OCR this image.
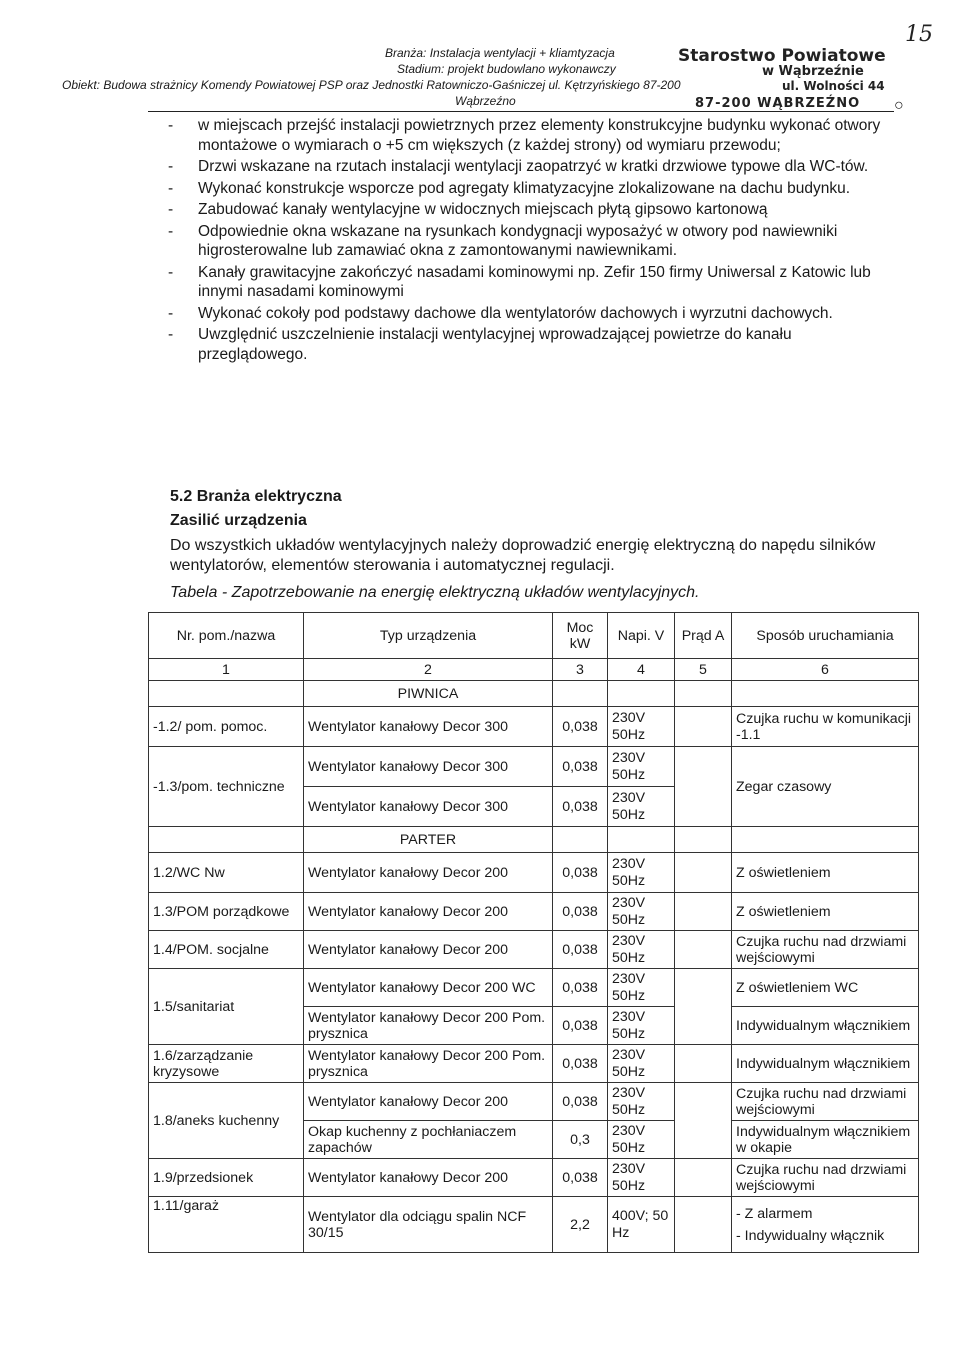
15
Branża: Instalacja wentylacji + kliamtyzacja
Stadium: projekt budowlano wykonawczy
Obiekt: Budowa strażnicy Komendy Powiatowej PSP oraz Jednostki Ratowniczo-Gaśniczej ul. Kętrzyńskiego 87-200
Wąbrzeźno
Starostwo Powiatowe
w Wąbrzeźnie
ul. Wolności 44
87-200 WĄBRZEŹNO ○
- w miejscach przejść instalacji powietrznych przez elementy konstrukcyjne budynku wykonać otwory montażowe o wymiarach o +5 cm większych (z każdej strony) od wymiaru przewodu;
- Drzwi wskazane na rzutach instalacji wentylacji zaopatrzyć w kratki drzwiowe typowe dla WC-tów.
- Wykonać konstrukcje wsporcze pod agregaty klimatyzacyjne zlokalizowane na dachu budynku.
- Zabudować kanały wentylacyjne w widocznych miejscach płytą gipsowo kartonową
- Odpowiednie okna wskazane na rysunkach kondygnacji wyposażyć w otwory pod nawiewniki higrosterowalne lub zamawiać okna z zamontowanymi nawiewnikami.
- Kanały grawitacyjne zakończyć nasadami kominowymi np. Zefir 150 firmy Uniwersal z Katowic lub innymi nasadami kominowymi
- Wykonać cokoły pod podstawy dachowe dla wentylatorów dachowych i wyrzutni dachowych.
- Uwzględnić uszczelnienie instalacji wentylacyjnej wprowadzającej powietrze do kanału przeglądowego.
5.2 Branża elektryczna
Zasilić urządzenia
Do wszystkich układów wentylacyjnych należy doprowadzić energię elektryczną do napędu silników wentylatorów, elementów sterowania i automatycznej regulacji.
Tabela - Zapotrzebowanie na energię elektryczną układów wentylacyjnych.
Nr. pom./nazwa	Typ urządzenia	Moc kW	Napi. V	Prąd A	Sposób uruchamiania
1	2	3	4	5	6
	PIWNICA				
-1.2/ pom. pomoc.	Wentylator kanałowy Decor 300	0,038	230V 50Hz		Czujka ruchu w komunikacji -1.1
-1.3/pom. techniczne	Wentylator kanałowy Decor 300	0,038	230V 50Hz		Zegar czasowy
	Wentylator kanałowy Decor 300	0,038	230V 50Hz		
	PARTER				
1.2/WC Nw	Wentylator kanałowy Decor 200	0,038	230V 50Hz		Z oświetleniem
1.3/POM porządkowe	Wentylator kanałowy Decor 200	0,038	230V 50Hz		Z oświetleniem
1.4/POM. socjalne	Wentylator kanałowy Decor 200	0,038	230V 50Hz		Czujka ruchu nad drzwiami wejściowymi
1.5/sanitariat	Wentylator kanałowy Decor 200 WC	0,038	230V 50Hz		Z oświetleniem WC
	Wentylator kanałowy Decor 200 Pom. prysznica	0,038	230V 50Hz		Indywidualnym włącznikiem
1.6/zarządzanie kryzysowe	Wentylator kanałowy Decor 200 Pom. prysznica	0,038	230V 50Hz		Indywidualnym włącznikiem
1.8/aneks kuchenny	Wentylator kanałowy Decor 200	0,038	230V 50Hz		Czujka ruchu nad drzwiami wejściowymi
	Okap kuchenny z pochłaniaczem zapachów	0,3	230V 50Hz		Indywidualnym włącznikiem w okapie
1.9/przedsionek	Wentylator kanałowy Decor 200	0,038	230V 50Hz		Czujka ruchu nad drzwiami wejściowymi
1.11/garaż	Wentylator dla odciągu spalin NCF 30/15	2,2	400V; 50 Hz		- Z alarmem
- Indywidualny włącznik
